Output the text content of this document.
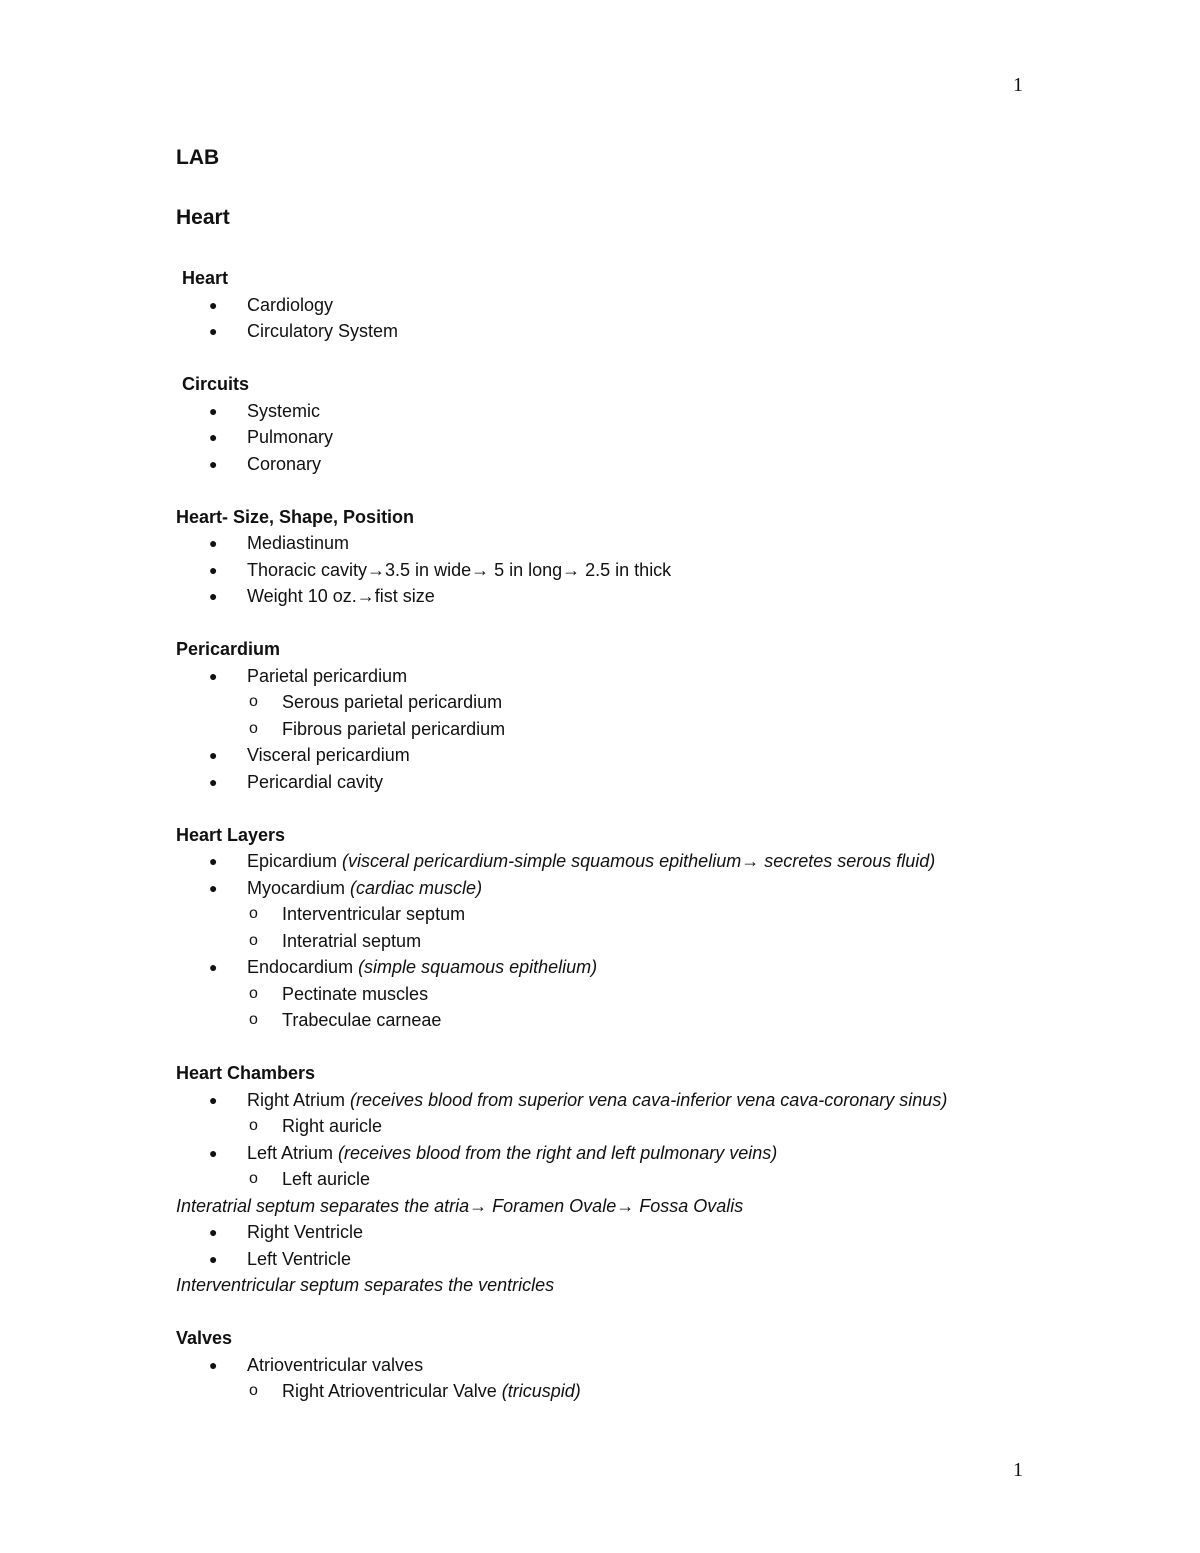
1
LAB
Heart
Heart
● Cardiology
● Circulatory System
Circuits
● Systemic
● Pulmonary
● Coronary
Heart- Size, Shape, Position
● Mediastinum
● Thoracic cavity→3.5 in wide→ 5 in long→ 2.5 in thick
● Weight 10 oz.→fist size
Pericardium
● Parietal pericardium
o Serous parietal pericardium
o Fibrous parietal pericardium
● Visceral pericardium
● Pericardial cavity
Heart Layers
● Epicardium (visceral pericardium-simple squamous epithelium→ secretes serous fluid)
● Myocardium (cardiac muscle)
o Interventricular septum
o Interatrial septum
● Endocardium (simple squamous epithelium)
o Pectinate muscles
o Trabeculae carneae
Heart Chambers
● Right Atrium (receives blood from superior vena cava-inferior vena cava-coronary sinus)
o Right auricle
● Left Atrium (receives blood from the right and left pulmonary veins)
o Left auricle
Interatrial septum separates the atria→ Foramen Ovale→ Fossa Ovalis
● Right Ventricle
● Left Ventricle
Interventricular septum separates the ventricles
Valves
● Atrioventricular valves
o Right Atrioventricular Valve (tricuspid)
1
